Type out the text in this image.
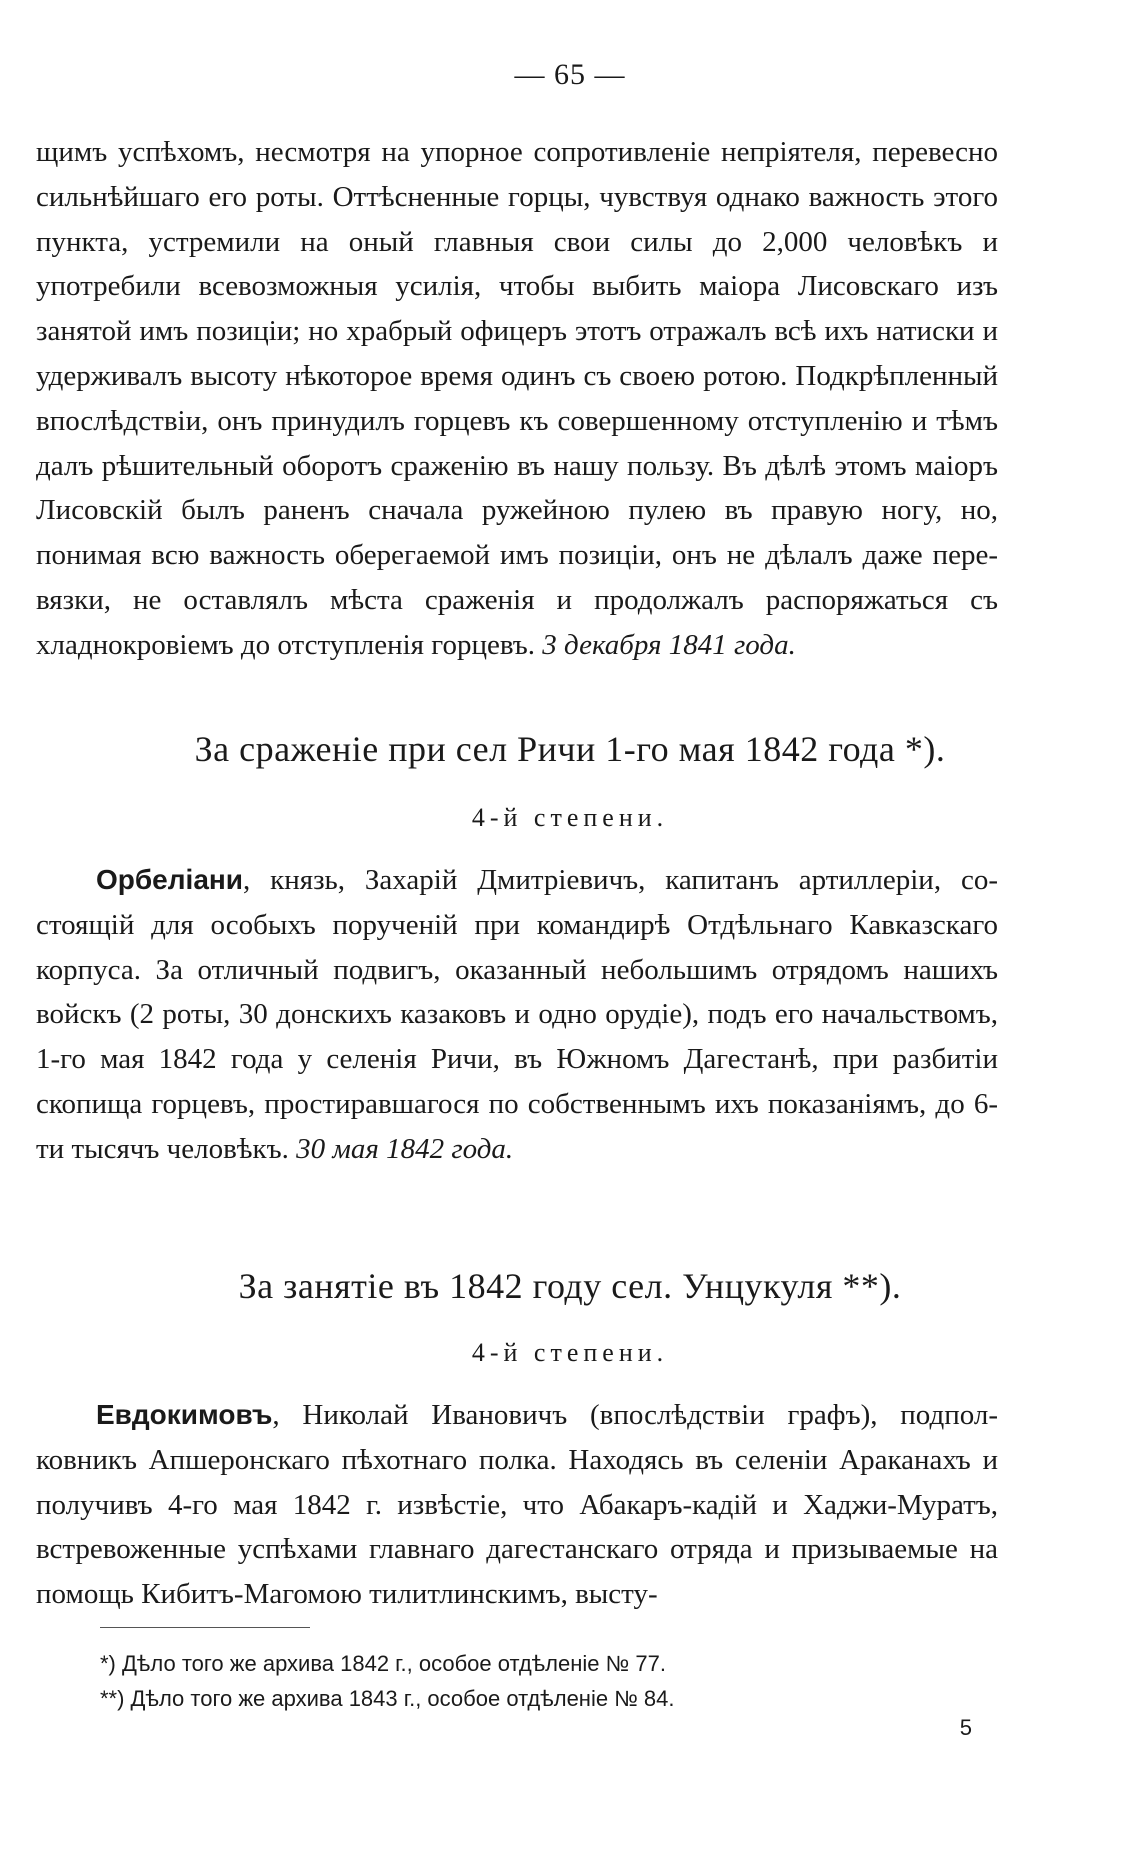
— 65 —

щимъ успѣхомъ, несмотря на упорное сопротивленіе непріятеля, перевесно сильнѣйшаго его роты. Оттѣсненные горцы, чувствуя однако важность этого пункта, устремили на оный главныя свои силы до 2,000 человѣкъ и употребили всевозможныя усилія, чтобы выбить маіора Лисовскаго изъ занятой имъ позиціи; но храбрый офицеръ этотъ отражалъ всѣ ихъ натиски и удерживалъ высоту нѣкоторое время одинъ съ своею ротою. Подкрѣпленный впослѣдствіи, онъ принудилъ горцевъ къ совершенному отступленію и тѣмъ далъ рѣшительный оборотъ сраженію въ нашу пользу. Въ дѣлѣ этомъ маіоръ Лисовскій былъ раненъ сначала ружейною пулею въ правую ногу, но, понимая всю важность оберегаемой имъ позиціи, онъ не дѣлалъ даже перевязки, не оставлялъ мѣста сраженія и продолжалъ распоряжаться съ хладнокровіемъ до отступленія горцевъ. 3 декабря 1841 года.

За сраженіе при сел Ричи 1-го мая 1842 года *).
4-й степени.

Орбеліани, князь, Захарій Дмитріевичъ, капитанъ артиллеріи, состоящій для особыхъ порученій при командирѣ Отдѣльнаго Кавказскаго корпуса. За отличный подвигъ, оказанный небольшимъ отрядомъ нашихъ войскъ (2 роты, 30 донскихъ казаковъ и одно орудіе), подъ его начальствомъ, 1-го мая 1842 года у селенія Ричи, въ Южномъ Дагестанѣ, при разбитіи скопища горцевъ, простиравшагося по собственнымъ ихъ показаніямъ, до 6-ти тысячъ человѣкъ. 30 мая 1842 года.

За занятіе въ 1842 году сел. Унцукуля **).
4-й степени.

Евдокимовъ, Николай Ивановичъ (впослѣдствіи графъ), подполковникъ Апшеронскаго пѣхотнаго полка. Находясь въ селеніи Араканахъ и получивъ 4-го мая 1842 г. извѣстіе, что Абакаръ-кадій и Хаджи-Муратъ, встревоженные успѣхами главнаго дагестанскаго отряда и призываемые на помощь Кибитъ-Магомою тилитлинскимъ, высту-

*) Дѣло того же архива 1842 г., особое отдѣленіе № 77.
**) Дѣло того же архива 1843 г., особое отдѣленіе № 84.
5
